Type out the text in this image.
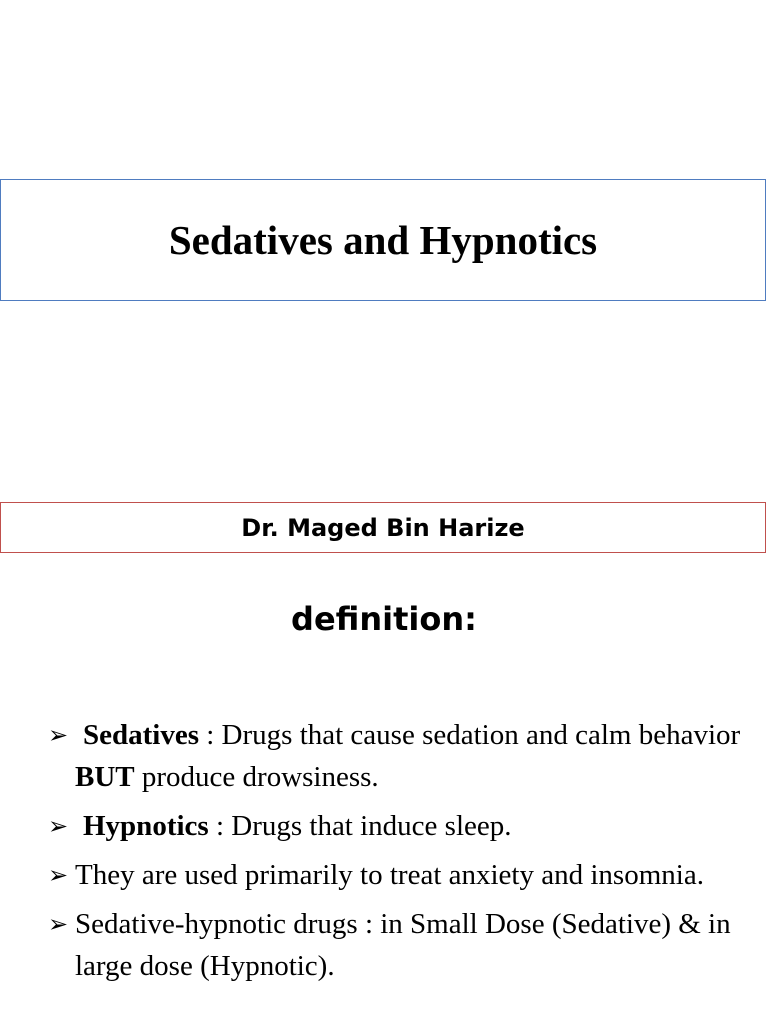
Sedatives and Hypnotics
Dr. Maged Bin Harize
definition:
➢ Sedatives : Drugs that cause sedation and calm behavior BUT produce drowsiness.
➢ Hypnotics : Drugs that induce sleep.
➢ They are used primarily to treat anxiety and insomnia.
➢ Sedative-hypnotic drugs : in Small Dose (Sedative) & in large dose (Hypnotic).
